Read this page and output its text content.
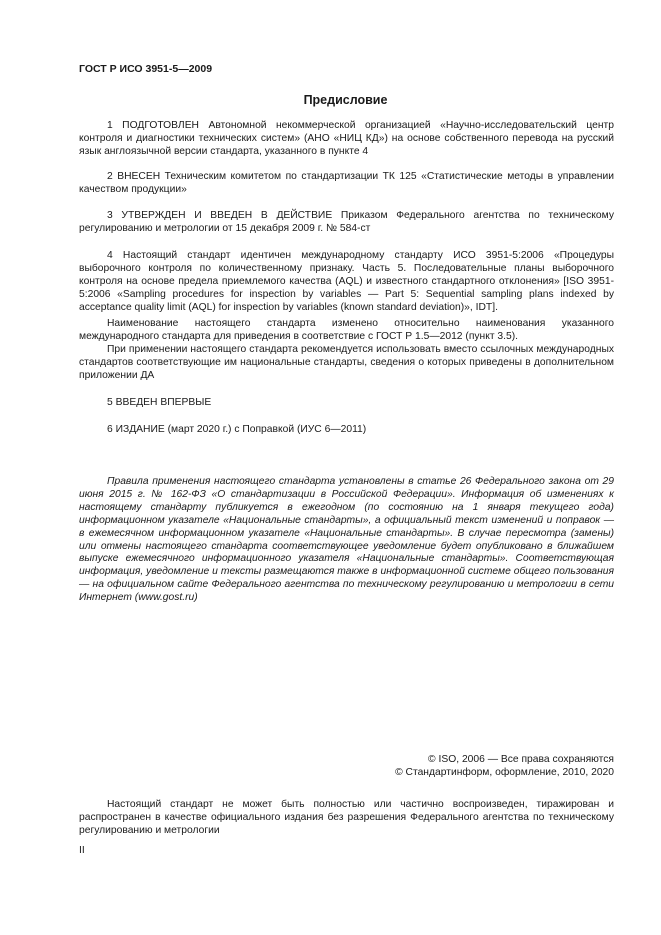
ГОСТ Р ИСО 3951-5—2009
Предисловие
1 ПОДГОТОВЛЕН Автономной некоммерческой организацией «Научно-исследовательский центр контроля и диагностики технических систем» (АНО «НИЦ КД») на основе собственного перевода на русский язык англоязычной версии стандарта, указанного в пункте 4
2 ВНЕСЕН Техническим комитетом по стандартизации ТК 125 «Статистические методы в управлении качеством продукции»
3 УТВЕРЖДЕН И ВВЕДЕН В ДЕЙСТВИЕ Приказом Федерального агентства по техническому регулированию и метрологии от 15 декабря 2009 г. № 584-ст
4 Настоящий стандарт идентичен международному стандарту ИСО 3951-5:2006 «Процедуры выборочного контроля по количественному признаку. Часть 5. Последовательные планы выборочного контроля на основе предела приемлемого качества (AQL) и известного стандартного отклонения» [ISO 3951-5:2006 «Sampling procedures for inspection by variables — Part 5: Sequential sampling plans indexed by acceptance quality limit (AQL) for inspection by variables (known standard deviation)», IDT].
Наименование настоящего стандарта изменено относительно наименования указанного международного стандарта для приведения в соответствие с ГОСТ Р 1.5—2012 (пункт 3.5).
При применении настоящего стандарта рекомендуется использовать вместо ссылочных международных стандартов соответствующие им национальные стандарты, сведения о которых приведены в дополнительном приложении ДА
5 ВВЕДЕН ВПЕРВЫЕ
6 ИЗДАНИЕ (март 2020 г.) с Поправкой (ИУС 6—2011)
Правила применения настоящего стандарта установлены в статье 26 Федерального закона от 29 июня 2015 г. № 162-ФЗ «О стандартизации в Российской Федерации». Информация об изменениях к настоящему стандарту публикуется в ежегодном (по состоянию на 1 января текущего года) информационном указателе «Национальные стандарты», а официальный текст изменений и поправок — в ежемесячном информационном указателе «Национальные стандарты». В случае пересмотра (замены) или отмены настоящего стандарта соответствующее уведомление будет опубликовано в ближайшем выпуске ежемесячного информационного указателя «Национальные стандарты». Соответствующая информация, уведомление и тексты размещаются также в информационной системе общего пользования — на официальном сайте Федерального агентства по техническому регулированию и метрологии в сети Интернет (www.gost.ru)
© ISO, 2006 — Все права сохраняются
© Стандартинформ, оформление, 2010, 2020
Настоящий стандарт не может быть полностью или частично воспроизведен, тиражирован и распространен в качестве официального издания без разрешения Федерального агентства по техническому регулированию и метрологии
II
